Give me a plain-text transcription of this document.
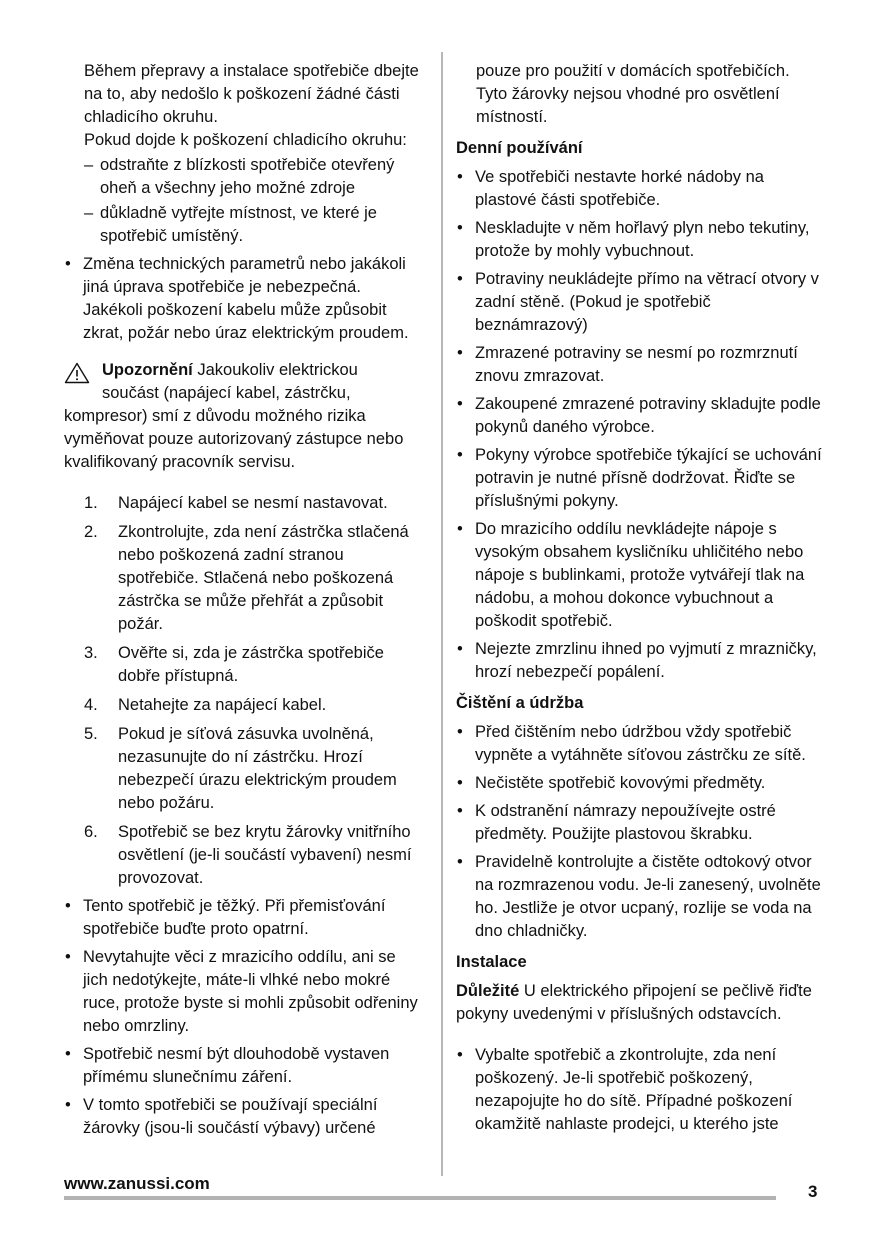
Během přepravy a instalace spotřebiče dbejte na to, aby nedošlo k poškození žádné části chladicího okruhu.

Pokud dojde k poškození chladicího okruhu:

– odstraňte z blízkosti spotřebiče otevřený oheň a všechny jeho možné zdroje
– důkladně vytřejte místnost, ve které je spotřebič umístěný.
• Změna technických parametrů nebo jakákoli jiná úprava spotřebiče je nebezpečná. Jakékoli poškození kabelu může způsobit zkrat, požár nebo úraz elektrickým proudem.
Upozornění Jakoukoliv elektrickou součást (napájecí kabel, zástrčku, kompresor) smí z důvodu možného rizika vyměňovat pouze autorizovaný zástupce nebo kvalifikovaný pracovník servisu.
1. Napájecí kabel se nesmí nastavovat.
2. Zkontrolujte, zda není zástrčka stlačená nebo poškozená zadní stranou spotřebiče. Stlačená nebo poškozená zástrčka se může přehřát a způsobit požár.
3. Ověřte si, zda je zástrčka spotřebiče dobře přístupná.
4. Netahejte za napájecí kabel.
5. Pokud je síťová zásuvka uvolněná, nezasunujte do ní zástrčku. Hrozí nebezpečí úrazu elektrickým proudem nebo požáru.
6. Spotřebič se bez krytu žárovky vnitřního osvětlení (je-li součástí vybavení) nesmí provozovat.
• Tento spotřebič je těžký. Při přemisťování spotřebiče buďte proto opatrní.
• Nevytahujte věci z mrazicího oddílu, ani se jich nedotýkejte, máte-li vlhké nebo mokré ruce, protože byste si mohli způsobit odřeniny nebo omrzliny.
• Spotřebič nesmí být dlouhodobě vystaven přímému slunečnímu záření.
• V tomto spotřebiči se používají speciální žárovky (jsou-li součástí výbavy) určené

pouze pro použití v domácích spotřebičích. Tyto žárovky nejsou vhodné pro osvětlení místností.

Denní používání
• Ve spotřebiči nestavte horké nádoby na plastové části spotřebiče.
• Neskladujte v něm hořlavý plyn nebo tekutiny, protože by mohly vybuchnout.
• Potraviny neukládejte přímo na větrací otvory v zadní stěně. (Pokud je spotřebič beznámrazový)
• Zmrazené potraviny se nesmí po rozmrznutí znovu zmrazovat.
• Zakoupené zmrazené potraviny skladujte podle pokynů daného výrobce.
• Pokyny výrobce spotřebiče týkající se uchování potravin je nutné přísně dodržovat. Řiďte se příslušnými pokyny.
• Do mrazicího oddílu nevkládejte nápoje s vysokým obsahem kysličníku uhličitého nebo nápoje s bublinkami, protože vytvářejí tlak na nádobu, a mohou dokonce vybuchnout a poškodit spotřebič.
• Nejezte zmrzlinu ihned po vyjmutí z mrazničky, hrozí nebezpečí popálení.
Čištění a údržba
• Před čištěním nebo údržbou vždy spotřebič vypněte a vytáhněte síťovou zástrčku ze sítě.
• Nečistěte spotřebič kovovými předměty.
• K odstranění námrazy nepoužívejte ostré předměty. Použijte plastovou škrabku.
• Pravidelně kontrolujte a čistěte odtokový otvor na rozmrazenou vodu. Je-li zanesený, uvolněte ho. Jestliže je otvor ucpaný, rozlije se voda na dno chladničky.
Instalace

Důležité U elektrického připojení se pečlivě řiďte pokyny uvedenými v příslušných odstavcích.

• Vybalte spotřebič a zkontrolujte, zda není poškozený. Je-li spotřebič poškozený, nezapojujte ho do sítě. Případné poškození okamžitě nahlaste prodejci, u kterého jste
www.zanussi.com	3
